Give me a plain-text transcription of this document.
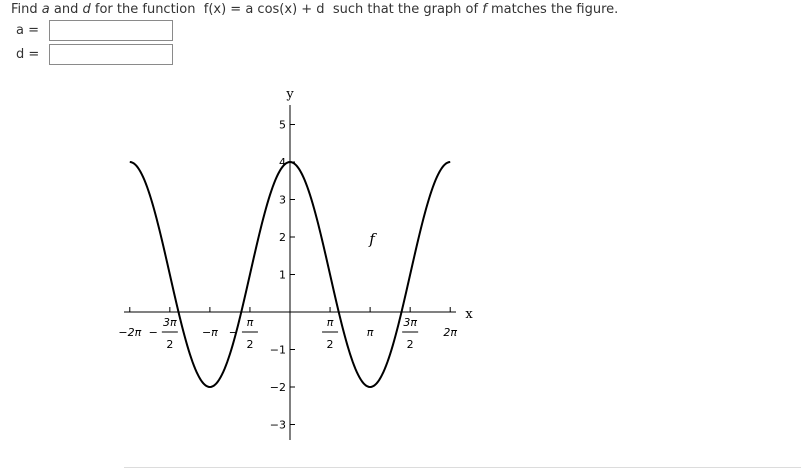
Find a and d for the function f(x) = a cos(x) + d such that the graph of f matches the figure.
a =
d =
x
y
−3
−2
−1
1
2
3
4
5
−2π −
3π
2
−π −
π
2
π
2
π
3π
2
2π
f
